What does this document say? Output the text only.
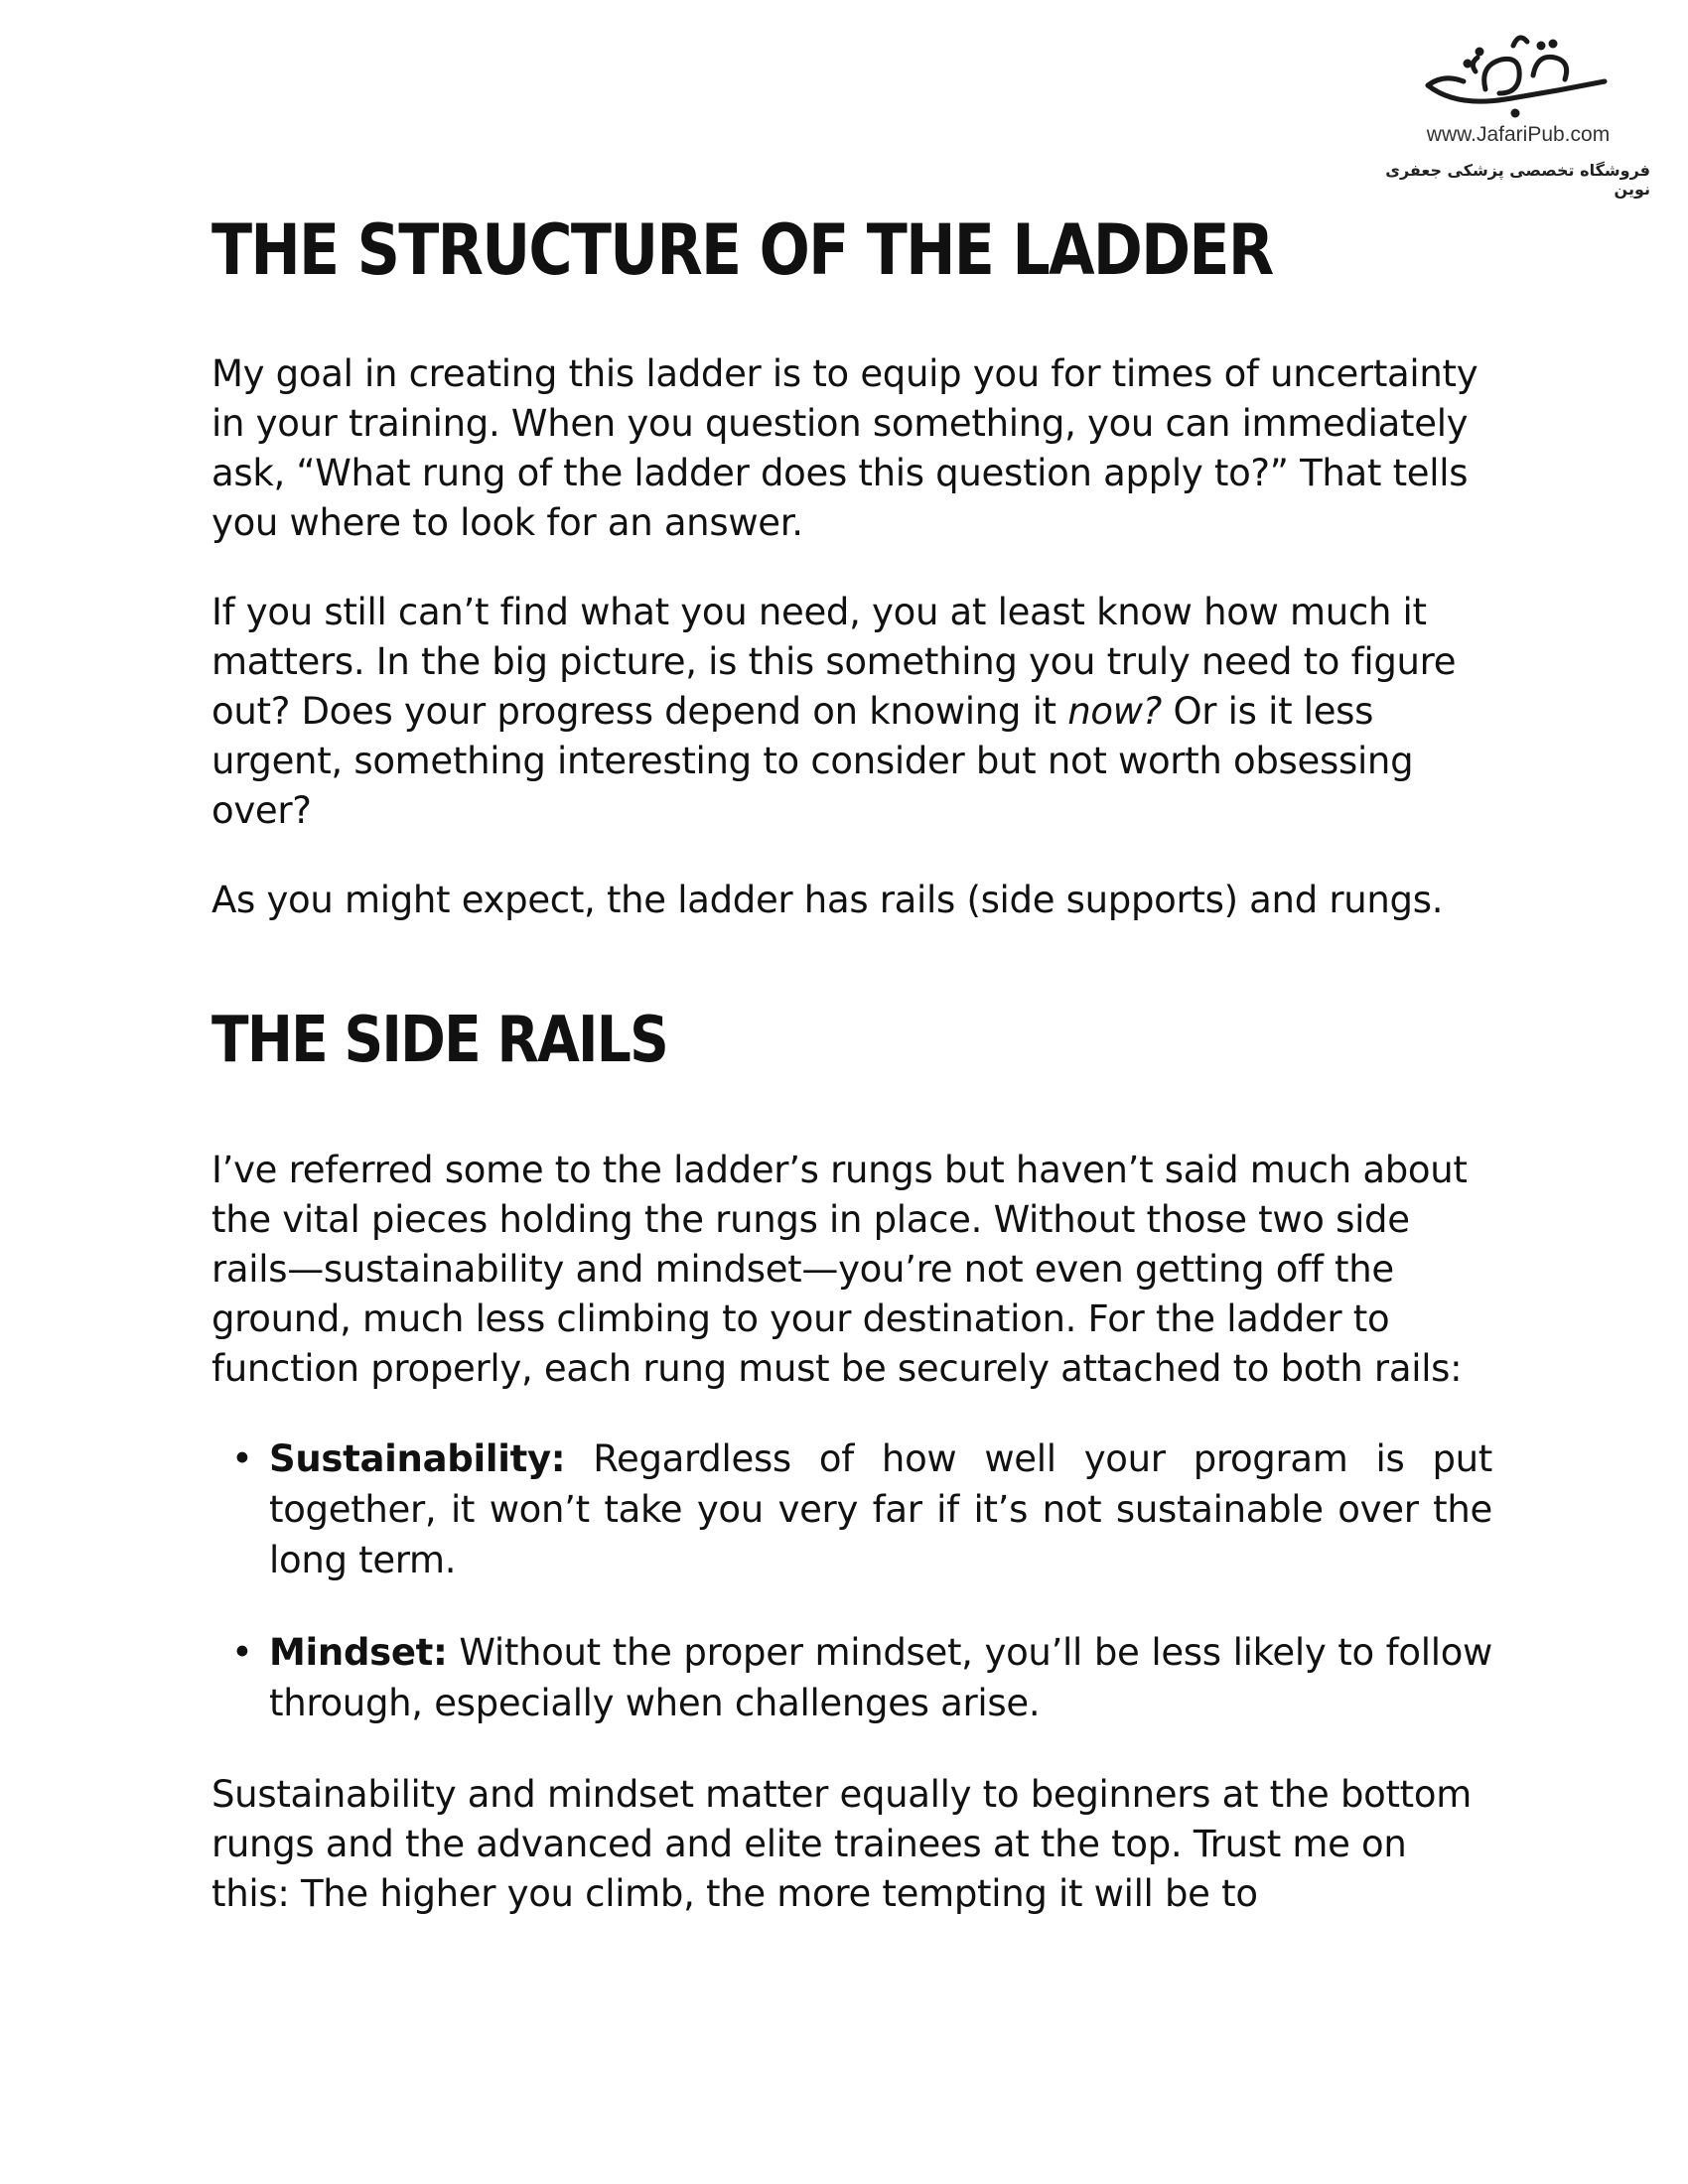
www.JafariPub.com
فروشگاه تخصصی پزشکی جعفری نوین
THE STRUCTURE OF THE LADDER

My goal in creating this ladder is to equip you for times of uncertainty in your training. When you question something, you can immediately ask, “What rung of the ladder does this question apply to?” That tells you where to look for an answer.

If you still can’t find what you need, you at least know how much it matters. In the big picture, is this something you truly need to figure out? Does your progress depend on knowing it now? Or is it less urgent, something interesting to consider but not worth obsessing over?

As you might expect, the ladder has rails (side supports) and rungs.

THE SIDE RAILS

I’ve referred some to the ladder’s rungs but haven’t said much about the vital pieces holding the rungs in place. Without those two side rails—sustainability and mindset—you’re not even getting off the ground, much less climbing to your destination. For the ladder to function properly, each rung must be securely attached to both rails:

• Sustainability: Regardless of how well your program is put together, it won’t take you very far if it’s not sustainable over the long term.
• Mindset: Without the proper mindset, you’ll be less likely to follow through, especially when challenges arise.

Sustainability and mindset matter equally to beginners at the bottom rungs and the advanced and elite trainees at the top. Trust me on this: The higher you climb, the more tempting it will be to
